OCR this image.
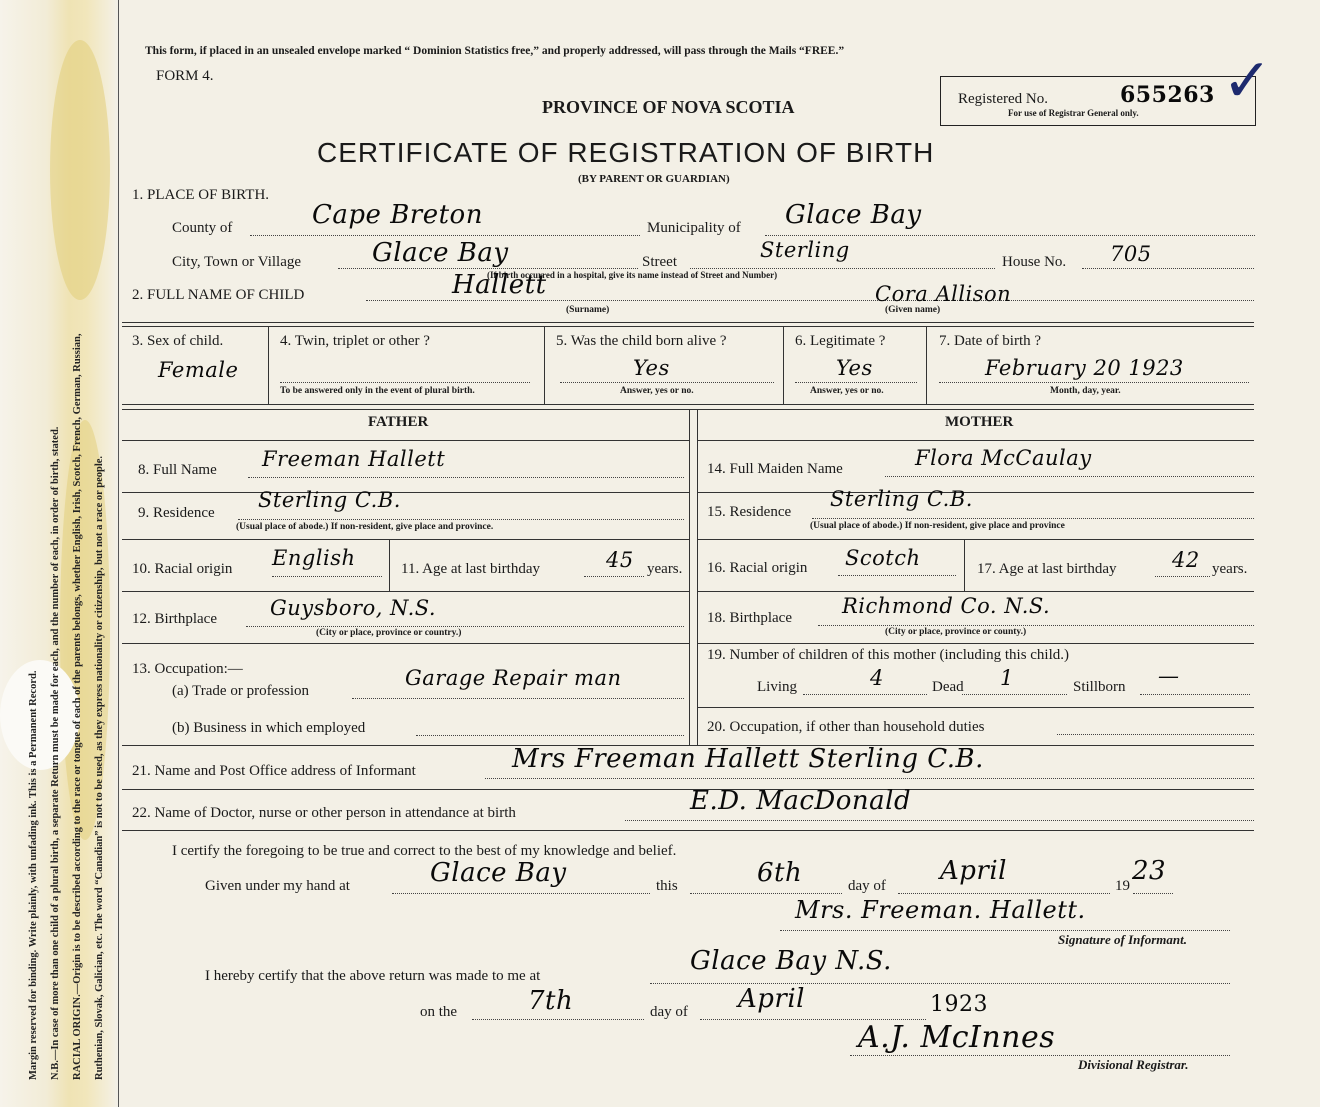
Margin reserved for binding. Write plainly, with unfading ink. This is a Permanent Record. N.B.—In case of more than one child of a plural birth, a separate Return must be made for each, and the number of each, in order of birth, stated. RACIAL ORIGIN.—Origin is to be described according to the race or tongue of each of the parents belongs, whether English, Irish, Scotch, French, German, Russian, Ruthenian, Slovak, Galician, etc. The word “Canadian” is not to be used, as they express nationality or citizenship, but not a race or people.
This form, if placed in an unsealed envelope marked “ Dominion Statistics free,” and properly addressed, will pass through the Mails “FREE.”
FORM 4.
PROVINCE OF NOVA SCOTIA
CERTIFICATE OF REGISTRATION OF BIRTH
(BY PARENT OR GUARDIAN)
Registered No.	655263
For use of Registrar General only. ✓
1. PLACE OF BIRTH.
County of	Cape Breton	Municipality of Glace Bay
City, Town or Village	Glace Bay	Street	Sterling	House No. 705
(If birth occurred in a hospital, give its name instead of Street and Number)
2. FULL NAME OF CHILD	Hallett
(Surname)
Cora Allison
(Given name)
3. Sex of child.
Female
4. Twin, triplet or other ?
To be answered only in the event of plural birth.
5. Was the child born alive ?
Yes
Answer, yes or no.
6. Legitimate ?
Yes
Answer, yes or no.
7. Date of birth ?
February 20 1923
Month, day, year.
FATHER	MOTHER
8. Full Name Freeman Hallett
9. Residence
Sterling C.B.
(Usual place of abode.) If non-resident, give place and province.
10. Racial origin English	11. Age at last birthday	45 years.
12. Birthplace	Guysboro, N.S.
(City or place, province or country.)
13. Occupation:—
(a) Trade or profession
Garage Repair man
(b) Business in which employed
14. Full Maiden Name	Flora McCaulay
15. Residence
Sterling C.B.
(Usual place of abode.) If non-resident, give place and province
16. Racial origin Scotch	17. Age at last birthday	42 years.
18. Birthplace Richmond Co. N.S.
(City or place, province or county.)
19. Number of children of this mother (including this child.)
Living	4	Dead 1	Stillborn —
20. Occupation, if other than household duties
21. Name and Post Office address of Informant	Mrs Freeman Hallett Sterling C.B.
22. Name of Doctor, nurse or other person in attendance at birth	E.D. MacDonald
I certify the foregoing to be true and correct to the best of my knowledge and belief.
Given under my hand at	Glace Bay	this	6th	day of April	19 23
Mrs. Freeman. Hallett.
Signature of Informant.
I hereby certify that the above return was made to me at	Glace Bay N.S.
on the	7th	day of April	1923
A.J. McInnes
Divisional Registrar.
